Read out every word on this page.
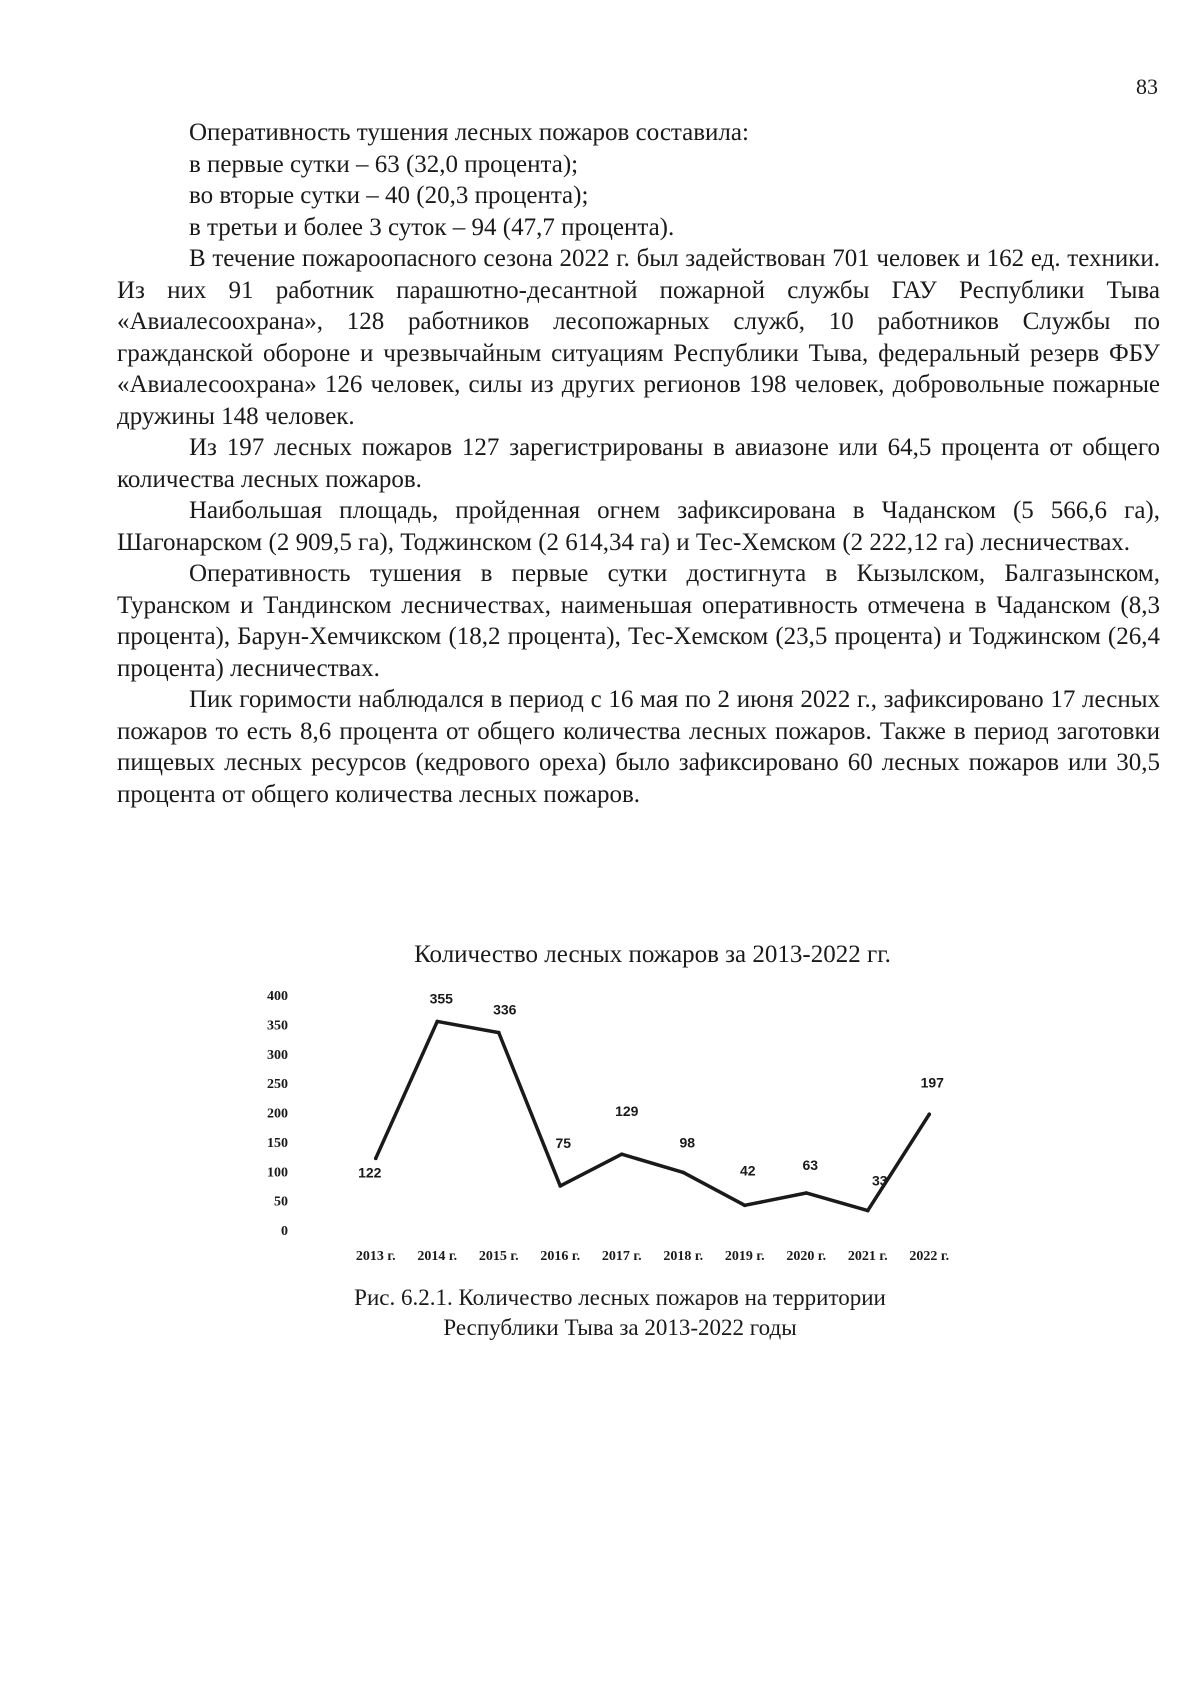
83

Оперативность тушения лесных пожаров составила:

в первые сутки – 63 (32,0 процента);

во вторые сутки – 40 (20,3 процента);

в третьи и более 3 суток – 94 (47,7 процента).

В течение пожароопасного сезона 2022 г. был задействован 701 человек и 162 ед. техники. Из них 91 работник парашютно-десантной пожарной службы ГАУ Республики Тыва «Авиалесоохрана», 128 работников лесопожарных служб, 10 работников Службы по гражданской обороне и чрезвычайным ситуациям Республики Тыва, федеральный резерв ФБУ «Авиалесоохрана» 126 человек, силы из других регионов 198 человек, добровольные пожарные дружины 148 человек.

Из 197 лесных пожаров 127 зарегистрированы в авиазоне или 64,5 процента от общего количества лесных пожаров.

Наибольшая площадь, пройденная огнем зафиксирована в Чаданском (5 566,6 га), Шагонарском (2 909,5 га), Тоджинском (2 614,34 га) и Тес-Хемском (2 222,12 га) лесничествах.

Оперативность тушения в первые сутки достигнута в Кызылском, Балгазынском, Туранском и Тандинском лесничествах, наименьшая оперативность отмечена в Чаданском (8,3 процента), Барун-Хемчикском (18,2 процента), Тес-Хемском (23,5 процента) и Тоджинском (26,4 процента) лесничествах.

Пик горимости наблюдался в период с 16 мая по 2 июня 2022 г., зафиксировано 17 лесных пожаров то есть 8,6 процента от общего количества лесных пожаров. Также в период заготовки пищевых лесных ресурсов (кедрового ореха) было зафиксировано 60 лесных пожаров или 30,5 процента от общего количества лесных пожаров.

Количество лесных пожаров за 2013-2022 гг.
0
50
100
150
200
250
300
350
400
2013 г. 2014 г. 2015 г. 2016 г. 2017 г. 2018 г. 2019 г. 2020 г. 2021 г. 2022 г.
122
355
336
75
129
98
42	63
33
197
Рис. 6.2.1. Количество лесных пожаров на территории
Республики Тыва за 2013-2022 годы
